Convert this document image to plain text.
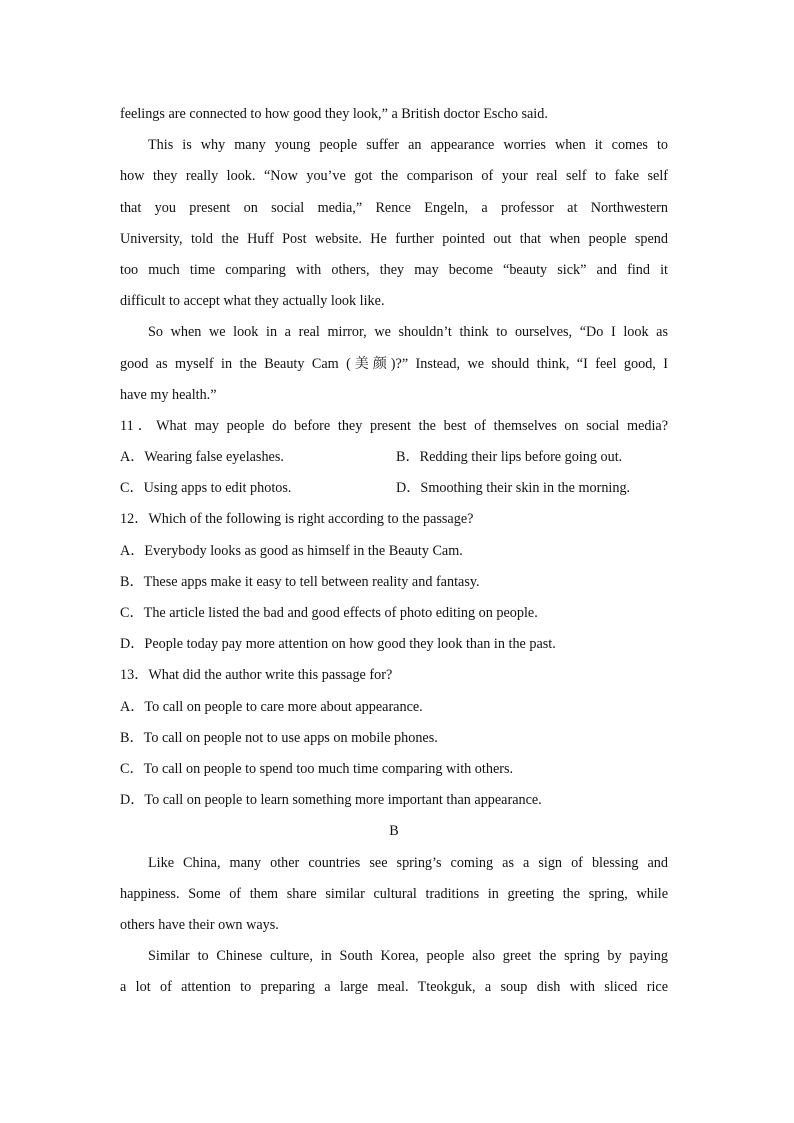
feelings are connected to how good they look,” a British doctor Escho said.
This is why many young people suffer an appearance worries when it comes to
how they really look. “Now you’ve got the comparison of your real self to fake self
that you present on social media,” Rence Engeln, a professor at Northwestern
University, told the Huff Post website. He further pointed out that when people spend
too much time comparing with others, they may become “beauty sick” and find it
difficult to accept what they actually look like.
So when we look in a real mirror, we shouldn’t think to ourselves, “Do I look as
good as myself in the Beauty Cam (美颜)?” Instead, we should think, “I feel good, I
have my health.”
11．What may people do before they present the best of themselves on social media?
A．Wearing false eyelashes.	B．Redding their lips before going out.
C．Using apps to edit photos.	D．Smoothing their skin in the morning.
12．Which of the following is right according to the passage?
A．Everybody looks as good as himself in the Beauty Cam.
B．These apps make it easy to tell between reality and fantasy.
C．The article listed the bad and good effects of photo editing on people.
D．People today pay more attention on how good they look than in the past.
13．What did the author write this passage for?
A．To call on people to care more about appearance.
B．To call on people not to use apps on mobile phones.
C．To call on people to spend too much time comparing with others.
D．To call on people to learn something more important than appearance.
B
Like China, many other countries see spring’s coming as a sign of blessing and
happiness. Some of them share similar cultural traditions in greeting the spring, while
others have their own ways.
Similar to Chinese culture, in South Korea, people also greet the spring by paying
a lot of attention to preparing a large meal. Tteokguk, a soup dish with sliced rice
